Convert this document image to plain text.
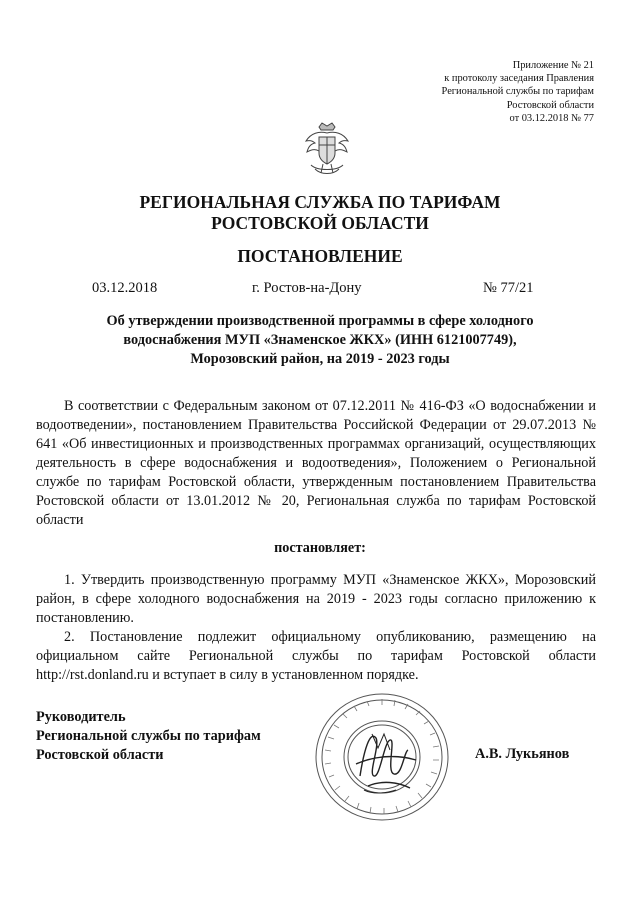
Приложение № 21
к протоколу заседания Правления
Региональной службы по тарифам
Ростовской области
от 03.12.2018 № 77
РЕГИОНАЛЬНАЯ СЛУЖБА ПО ТАРИФАМ
РОСТОВСКОЙ ОБЛАСТИ
ПОСТАНОВЛЕНИЕ
03.12.2018	г. Ростов-на-Дону	№ 77/21
Об утверждении производственной программы в сфере холодного
водоснабжения МУП «Знаменское ЖКХ» (ИНН 6121007749),
Морозовский район, на 2019 - 2023 годы

В соответствии с Федеральным законом от 07.12.2011 № 416-ФЗ «О водоснабжении и водоотведении», постановлением Правительства Российской Федерации от 29.07.2013 № 641 «Об инвестиционных и производственных программах организаций, осуществляющих деятельность в сфере водоснабжения и водоотведения», Положением о Региональной службе по тарифам Ростовской области, утвержденным постановлением Правительства Ростовской области от 13.01.2012 № 20, Региональная служба по тарифам Ростовской области

постановляет:

1. Утвердить производственную программу МУП «Знаменское ЖКХ», Морозовский район, в сфере холодного водоснабжения на 2019 - 2023 годы согласно приложению к постановлению.

2. Постановление подлежит официальному опубликованию, размещению на официальном сайте Региональной службы по тарифам Ростовской области http://rst.donland.ru и вступает в силу в установленном порядке.

Руководитель
Региональной службы по тарифам
Ростовской области	А.В. Лукьянов
